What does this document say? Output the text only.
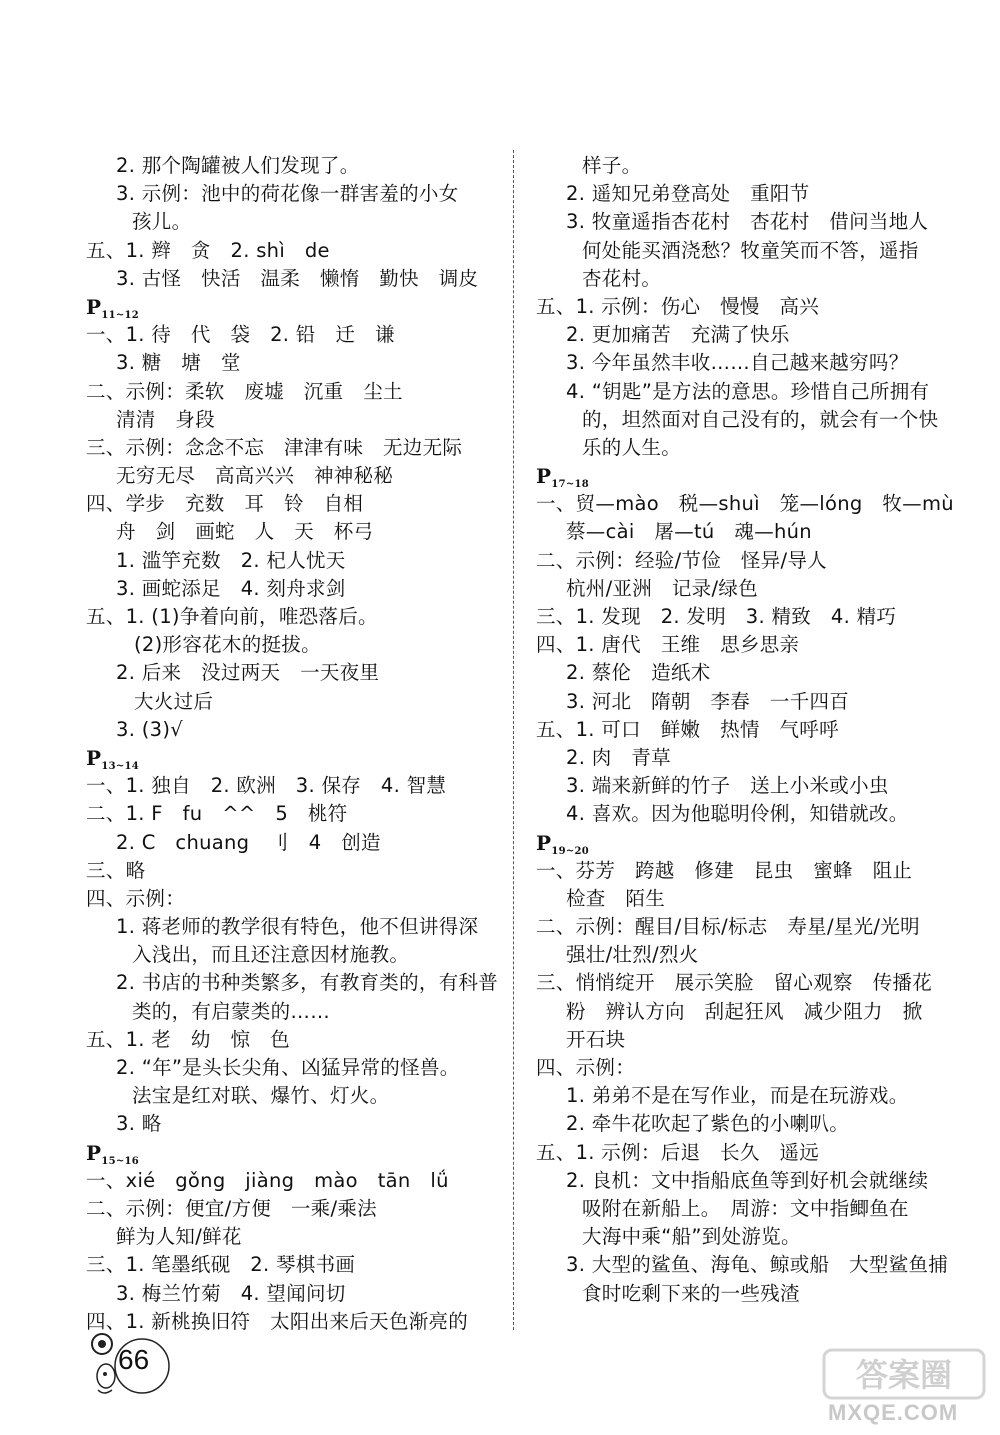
2. 那个陶罐被人们发现了。
3. 示例：池中的荷花像一群害羞的小女
孩儿。
五、1. 辫　贪　2. shì　de
3. 古怪　快活　温柔　懒惰　勤快　调皮
$P_{11\sim 12}$
一、1. 待　代　袋　2. 铅　迁　谦
3. 糖　塘　堂
二、示例：柔软　废墟　沉重　尘土
清清　身段
三、示例：念念不忘　津津有味　无边无际
无穷无尽　高高兴兴　神神秘秘
四、学步　充数　耳　铃　自相
舟　剑　画蛇　人　天　杯弓
1. 滥竽充数　2. 杞人忧天
3. 画蛇添足　4. 刻舟求剑
五、1. (1)争着向前，唯恐落后。
(2)形容花木的挺拔。
2. 后来　没过两天　一天夜里
大火过后
3. (3)√
$P_{13\sim 14}$
一、1. 独自　2. 欧洲　3. 保存　4. 智慧
二、1. F　fu　^^　5　桃符
2. C　chuang　刂　4　创造
三、略
四、示例：
1. 蒋老师的教学很有特色，他不但讲得深
入浅出，而且还注意因材施教。
2. 书店的书种类繁多，有教育类的，有科普
类的，有启蒙类的……
五、1. 老　幼　惊　色
2. “年”是头长尖角、凶猛异常的怪兽。
法宝是红对联、爆竹、灯火。
3. 略
$P_{15\sim 16}$
一、xié　gǒng　jiàng　mào　tān　lǘ
二、示例：便宜/方便　一乘/乘法
鲜为人知/鲜花
三、1. 笔墨纸砚　2. 琴棋书画
3. 梅兰竹菊　4. 望闻问切
四、1. 新桃换旧符　太阳出来后天色渐亮的
样子。
2. 遥知兄弟登高处　重阳节
3. 牧童遥指杏花村　杏花村　借问当地人
何处能买酒浇愁？牧童笑而不答，遥指
杏花村。
五、1. 示例：伤心　慢慢　高兴
2. 更加痛苦　充满了快乐
3. 今年虽然丰收……自己越来越穷吗？
4. “钥匙”是方法的意思。珍惜自己所拥有
的，坦然面对自己没有的，就会有一个快
乐的人生。
$P_{17\sim 18}$
一、贸—mào　税—shuì　笼—lóng　牧—mù
蔡—cài　屠—tú　魂—hún
二、示例：经验/节俭　怪异/导人
杭州/亚洲　记录/绿色
三、1. 发现　2. 发明　3. 精致　4. 精巧
四、1. 唐代　王维　思乡思亲
2. 蔡伦　造纸术
3. 河北　隋朝　李春　一千四百
五、1. 可口　鲜嫩　热情　气呼呼
2. 肉　青草
3. 端来新鲜的竹子　送上小米或小虫
4. 喜欢。因为他聪明伶俐，知错就改。
$P_{19\sim 20}$
一、芬芳　跨越　修建　昆虫　蜜蜂　阻止
检查　陌生
二、示例：醒目/目标/标志　寿星/星光/光明
强壮/壮烈/烈火
三、悄悄绽开　展示笑脸　留心观察　传播花
粉　辨认方向　刮起狂风　减少阻力　掀
开石块
四、示例：
1. 弟弟不是在写作业，而是在玩游戏。
2. 牵牛花吹起了紫色的小喇叭。
五、1. 示例：后退　长久　遥远
2. 良机：文中指船底鱼等到好机会就继续
吸附在新船上。　周游：文中指鲫鱼在
大海中乘“船”到处游览。
3. 大型的鲨鱼、海龟、鲸或船　大型鲨鱼捕
食时吃剩下来的一些残渣
66	答案圈
MXQE.COM
